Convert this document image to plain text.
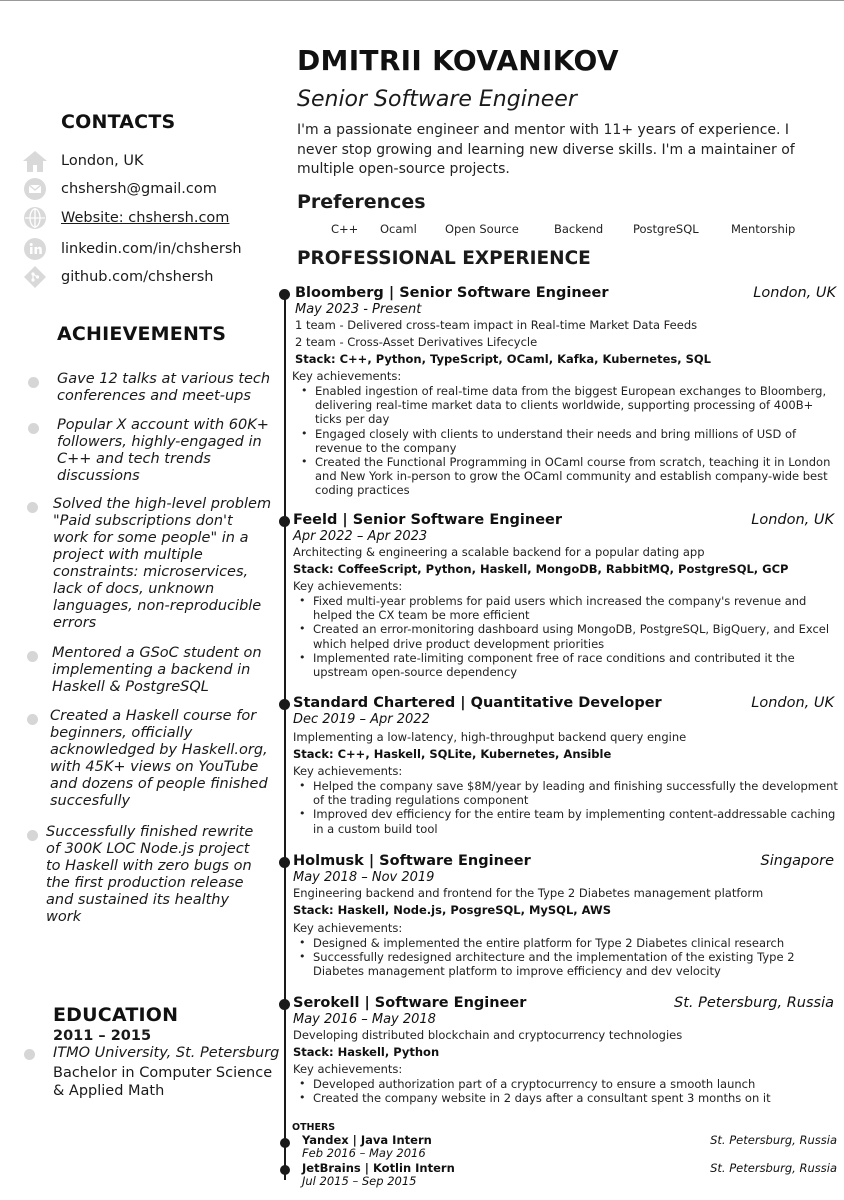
CONTACTS
London, UK
chshersh@gmail.com
Website: chshersh.com
linkedin.com/in/chshersh
github.com/chshersh
ACHIEVEMENTS
Gave 12 talks at various tech conferences and meet-ups
Popular X account with 60K+ followers, highly-engaged in C++ and tech trends discussions
Solved the high-level problem "Paid subscriptions don't work for some people" in a project with multiple constraints: microservices, lack of docs, unknown languages, non-reproducible errors
Mentored a GSoC student on implementing a backend in Haskell & PostgreSQL
Created a Haskell course for beginners, officially acknowledged by Haskell.org, with 45K+ views on YouTube and dozens of people finished succesfully
Successfully finished rewrite of 300K LOC Node.js project to Haskell with zero bugs on the first production release and sustained its healthy work
EDUCATION
2011 – 2015
ITMO University, St. Petersburg
Bachelor in Computer Science & Applied Math
DMITRII KOVANIKOV
Senior Software Engineer
I'm a passionate engineer and mentor with 11+ years of experience. I never stop growing and learning new diverse skills. I'm a maintainer of multiple open-source projects.
Preferences
C++ Ocaml Open Source	Backend	PostgreSQL	Mentorship
PROFESSIONAL EXPERIENCE
Bloomberg | Senior Software Engineer	London, UK
May 2023 - Present
1 team - Delivered cross-team impact in Real-time Market Data Feeds
2 team - Cross-Asset Derivatives Lifecycle
Stack: C++, Python, TypeScript, OCaml, Kafka, Kubernetes, SQL
Key achievements:
• Enabled ingestion of real-time data from the biggest European exchanges to Bloomberg, delivering real-time market data to clients worldwide, supporting processing of 400B+ ticks per day
• Engaged closely with clients to understand their needs and bring millions of USD of revenue to the company
• Created the Functional Programming in OCaml course from scratch, teaching it in London and New York in-person to grow the OCaml community and establish company-wide best coding practices
Feeld | Senior Software Engineer	London, UK
Apr 2022 – Apr 2023
Architecting & engineering a scalable backend for a popular dating app
Stack: CoffeeScript, Python, Haskell, MongoDB, RabbitMQ, PostgreSQL, GCP
Key achievements:
• Fixed multi-year problems for paid users which increased the company's revenue and helped the CX team be more efficient
• Created an error-monitoring dashboard using MongoDB, PostgreSQL, BigQuery, and Excel which helped drive product development priorities
• Implemented rate-limiting component free of race conditions and contributed it the upstream open-source dependency
Standard Chartered | Quantitative Developer	London, UK
Dec 2019 – Apr 2022
Implementing a low-latency, high-throughput backend query engine
Stack: C++, Haskell, SQLite, Kubernetes, Ansible
Key achievements:
• Helped the company save $8M/year by leading and finishing successfully the development of the trading regulations component
• Improved dev efficiency for the entire team by implementing content-addressable caching in a custom build tool
Holmusk | Software Engineer	Singapore
May 2018 – Nov 2019
Engineering backend and frontend for the Type 2 Diabetes management platform
Stack: Haskell, Node.js, PosgreSQL, MySQL, AWS
Key achievements:
• Designed & implemented the entire platform for Type 2 Diabetes clinical research
• Successfully redesigned architecture and the implementation of the existing Type 2 Diabetes management platform to improve efficiency and dev velocity
Serokell | Software Engineer	St. Petersburg, Russia
May 2016 – May 2018
Developing distributed blockchain and cryptocurrency technologies
Stack: Haskell, Python
Key achievements:
• Developed authorization part of a cryptocurrency to ensure a smooth launch
• Created the company website in 2 days after a consultant spent 3 months on it
OTHERS
Yandex | Java Intern	St. Petersburg, Russia
Feb 2016 – May 2016
JetBrains | Kotlin Intern	St. Petersburg, Russia
Jul 2015 – Sep 2015
